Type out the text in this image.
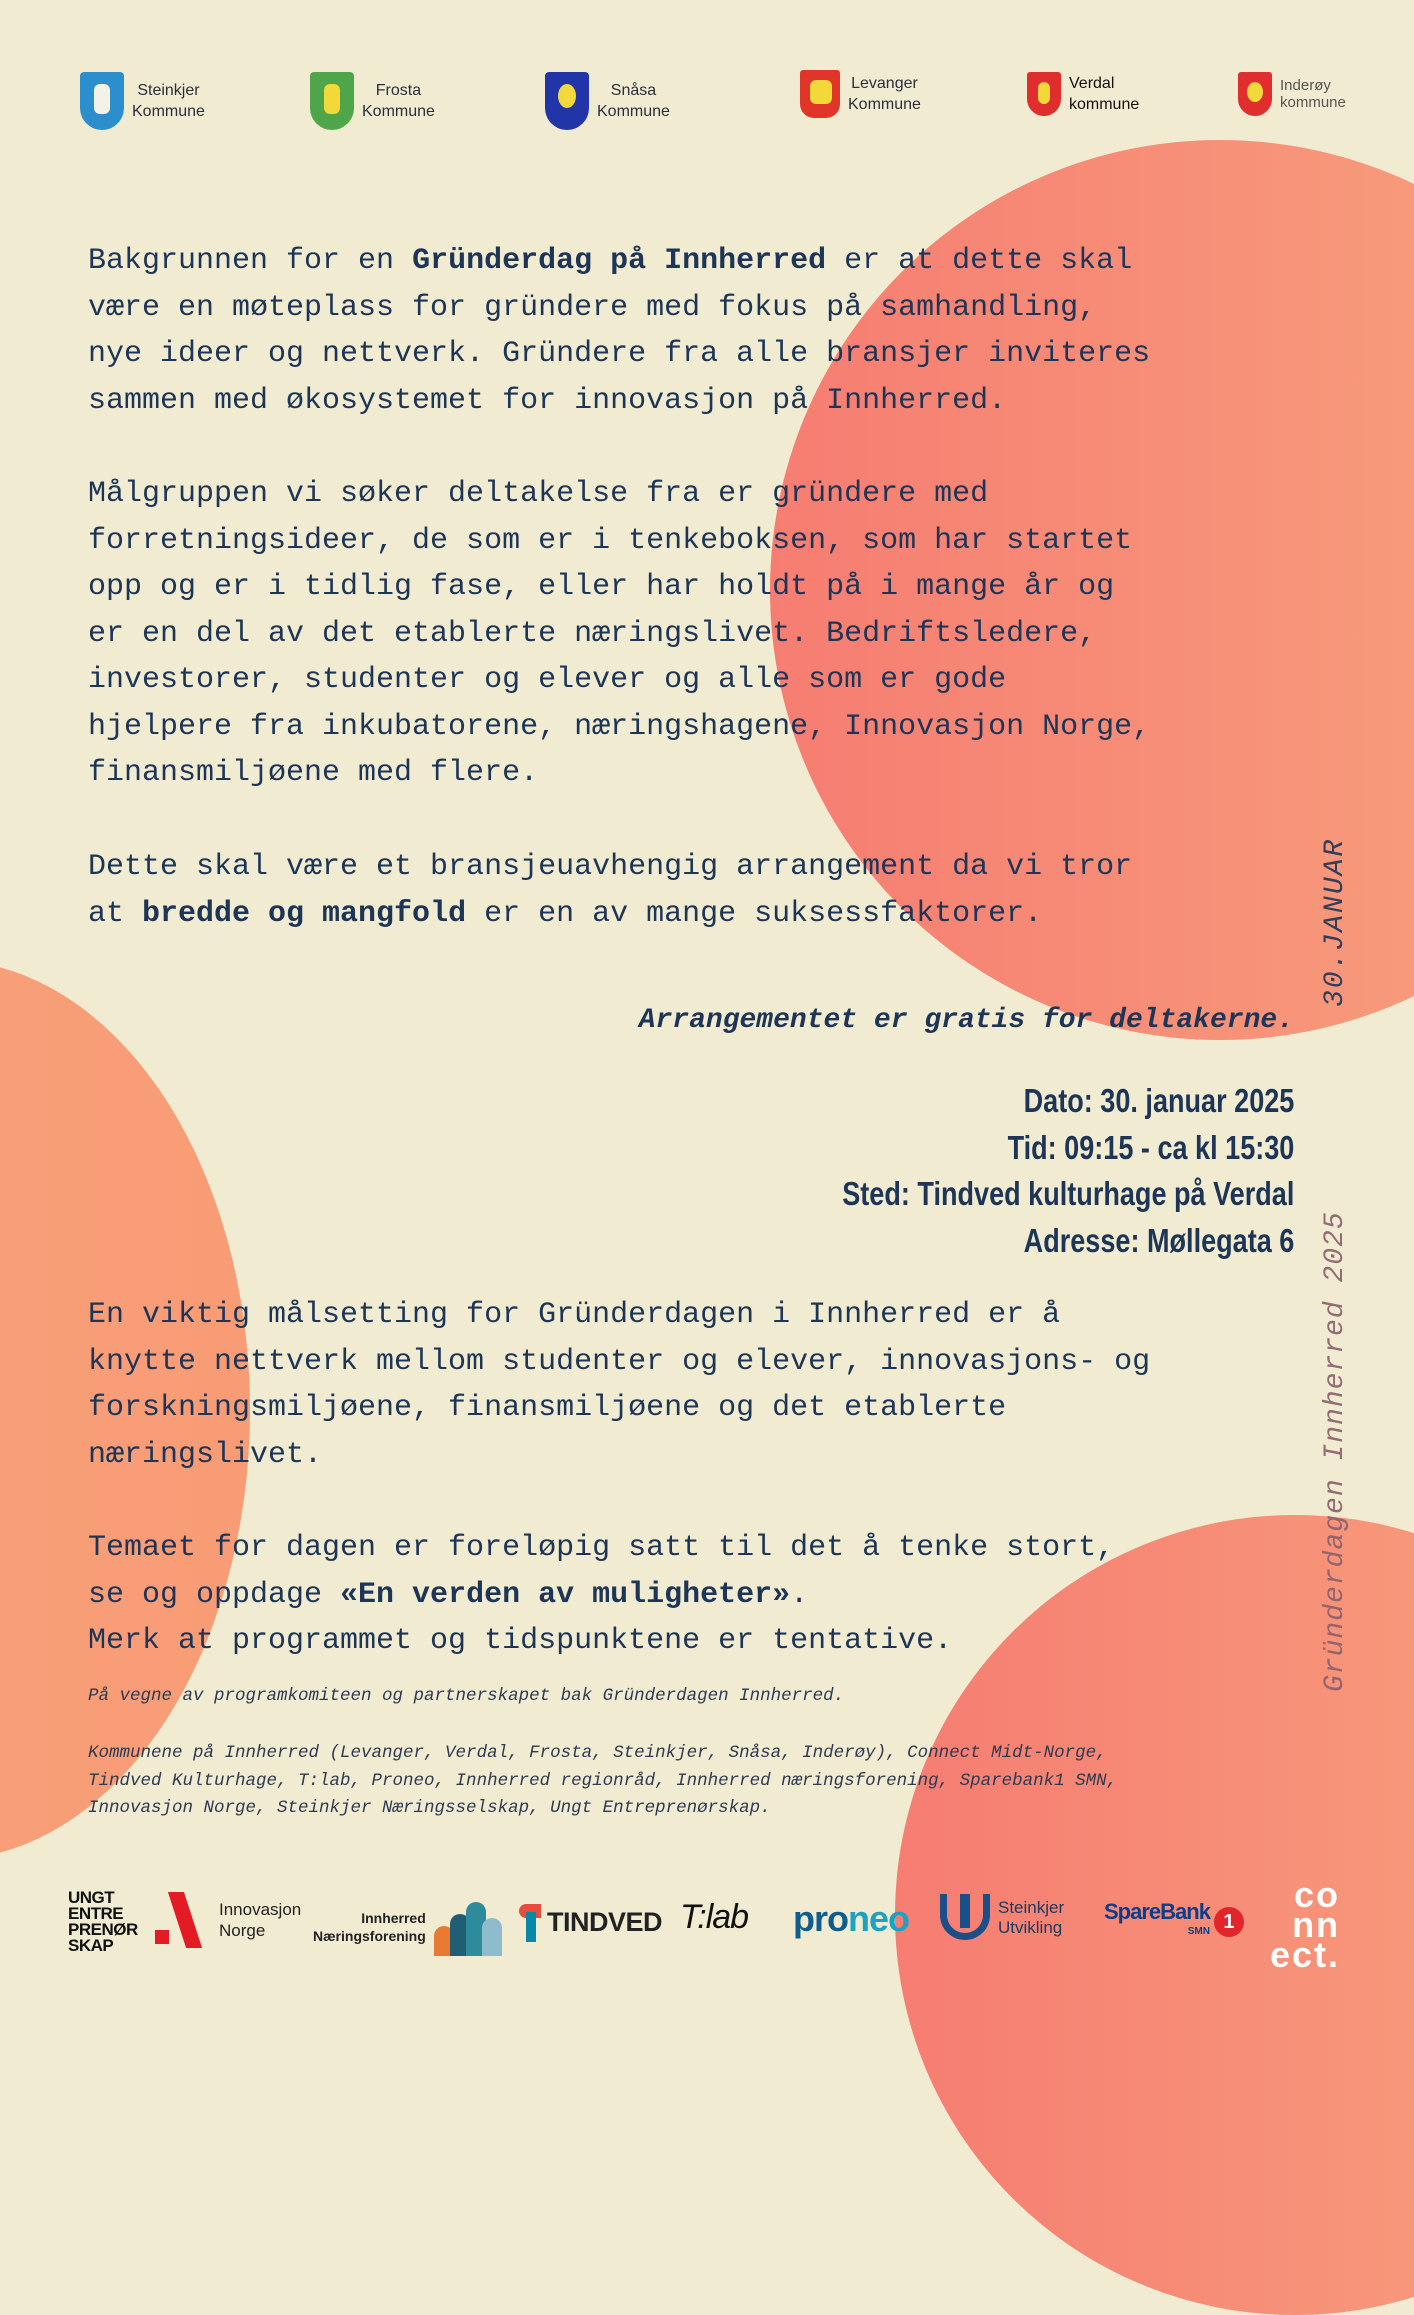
Steinkjer
Kommune
Frosta
Kommune
Snåsa
Kommune
Levanger
Kommune
Verdal
kommune
Inderøy
kommune

Bakgrunnen for en Gründerdag på Innherred er at dette skal
være en møteplass for gründere med fokus på samhandling,
nye ideer og nettverk. Gründere fra alle bransjer inviteres
sammen med økosystemet for innovasjon på Innherred.

Målgruppen vi søker deltakelse fra er gründere med
forretningsideer, de som er i tenkeboksen, som har startet
opp og er i tidlig fase, eller har holdt på i mange år og
er en del av det etablerte næringslivet. Bedriftsledere,
investorer, studenter og elever og alle som er gode
hjelpere fra inkubatorene, næringshagene, Innovasjon Norge,
finansmiljøene med flere.

Dette skal være et bransjeuavhengig arrangement da vi tror
at bredde og mangfold er en av mange suksessfaktorer.

Arrangementet er gratis for deltakerne.

Dato: 30. januar 2025
Tid: 09:15 - ca kl 15:30
Sted: Tindved kulturhage på Verdal
Adresse: Møllegata 6

En viktig målsetting for Gründerdagen i Innherred er å
knytte nettverk mellom studenter og elever, innovasjons- og
forskningsmiljøene, finansmiljøene og det etablerte
næringslivet.

Temaet for dagen er foreløpig satt til det å tenke stort,
se og oppdage «En verden av muligheter».
Merk at programmet og tidspunktene er tentative.

På vegne av programkomiteen og partnerskapet bak Gründerdagen Innherred.

Kommunene på Innherred (Levanger, Verdal, Frosta, Steinkjer, Snåsa, Inderøy), Connect Midt-Norge,
Tindved Kulturhage, T:lab, Proneo, Innherred regionråd, Innherred næringsforening, Sparebank1 SMN,
Innovasjon Norge, Steinkjer Næringsselskap, Ungt Entreprenørskap.

30.JANUAR
Gründerdagen Innherred 2025
UNGT
ENTRE
PRENØR
SKAP
Innovasjon
Norge
Innherred
Næringsforening	TINDVED T:lab proneo	Steinkjer
Utvikling
SpareBank
SMN 1
co
nn
ect.
